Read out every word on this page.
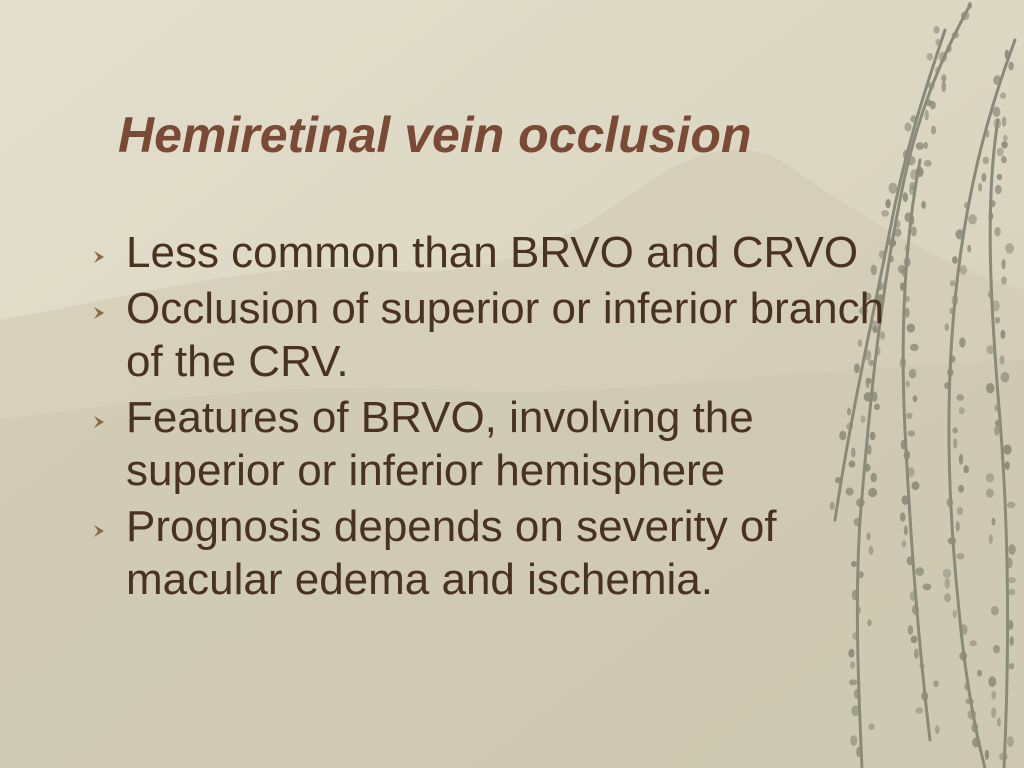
Hemiretinal vein occlusion
Less common than BRVO and CRVO
Occlusion of superior or inferior branch of the CRV.
Features of BRVO, involving the superior or inferior hemisphere
Prognosis depends on severity of macular edema and ischemia.
